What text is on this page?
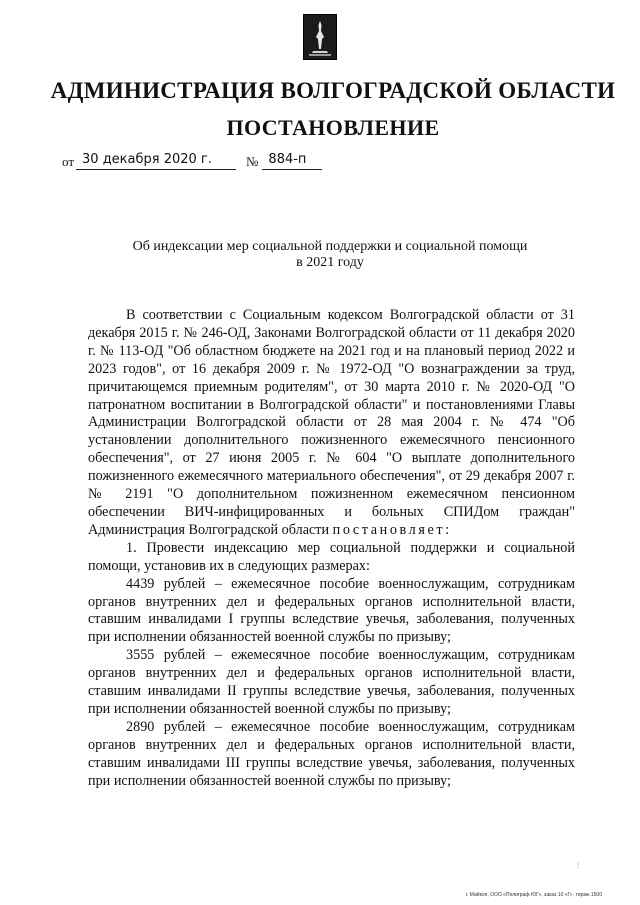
АДМИНИСТРАЦИЯ ВОЛГОГРАДСКОЙ ОБЛАСТИ
ПОСТАНОВЛЕНИЕ
от 30 декабря 2020 г.	№ 884-п
Об индексации мер социальной поддержки и социальной помощи
в 2021 году

В соответствии с Социальным кодексом Волгоградской области от 31 декабря 2015 г. № 246-ОД, Законами Волгоградской области от 11 декабря 2020 г. № 113-ОД "Об областном бюджете на 2021 год и на плановый период 2022 и 2023 годов", от 16 декабря 2009 г. № 1972-ОД "О вознаграждении за труд, причитающемся приемным родителям", от 30 марта 2010 г. № 2020-ОД "О патронатном воспитании в Волгоградской области" и постановлениями Главы Администрации Волгоградской области от 28 мая 2004 г. № 474 "Об установлении дополнительного пожизненного ежемесячного пенсионного обеспечения", от 27 июня 2005 г. № 604 "О выплате дополнительного пожизненного ежемесячного материального обеспечения", от 29 декабря 2007 г. № 2191 "О дополнительном пожизненном ежемесячном пенсионном обеспечении ВИЧ-инфицированных и больных СПИДом граждан" Администрация Волгоградской области постановляет:

1. Провести индексацию мер социальной поддержки и социальной помощи, установив их в следующих размерах:

4439 рублей – ежемесячное пособие военнослужащим, сотрудникам органов внутренних дел и федеральных органов исполнительной власти, ставшим инвалидами I группы вследствие увечья, заболевания, полученных при исполнении обязанностей военной службы по призыву;

3555 рублей – ежемесячное пособие военнослужащим, сотрудникам органов внутренних дел и федеральных органов исполнительной власти, ставшим инвалидами II группы вследствие увечья, заболевания, полученных при исполнении обязанностей военной службы по призыву;

2890 рублей – ежемесячное пособие военнослужащим, сотрудникам органов внутренних дел и федеральных органов исполнительной власти, ставшим инвалидами III группы вследствие увечья, заболевания, полученных при исполнении обязанностей военной службы по призыву;

⋮
г. Майкоп, ООО «Полиграф-ЮГ», заказ 10 «Г», тираж 1500
